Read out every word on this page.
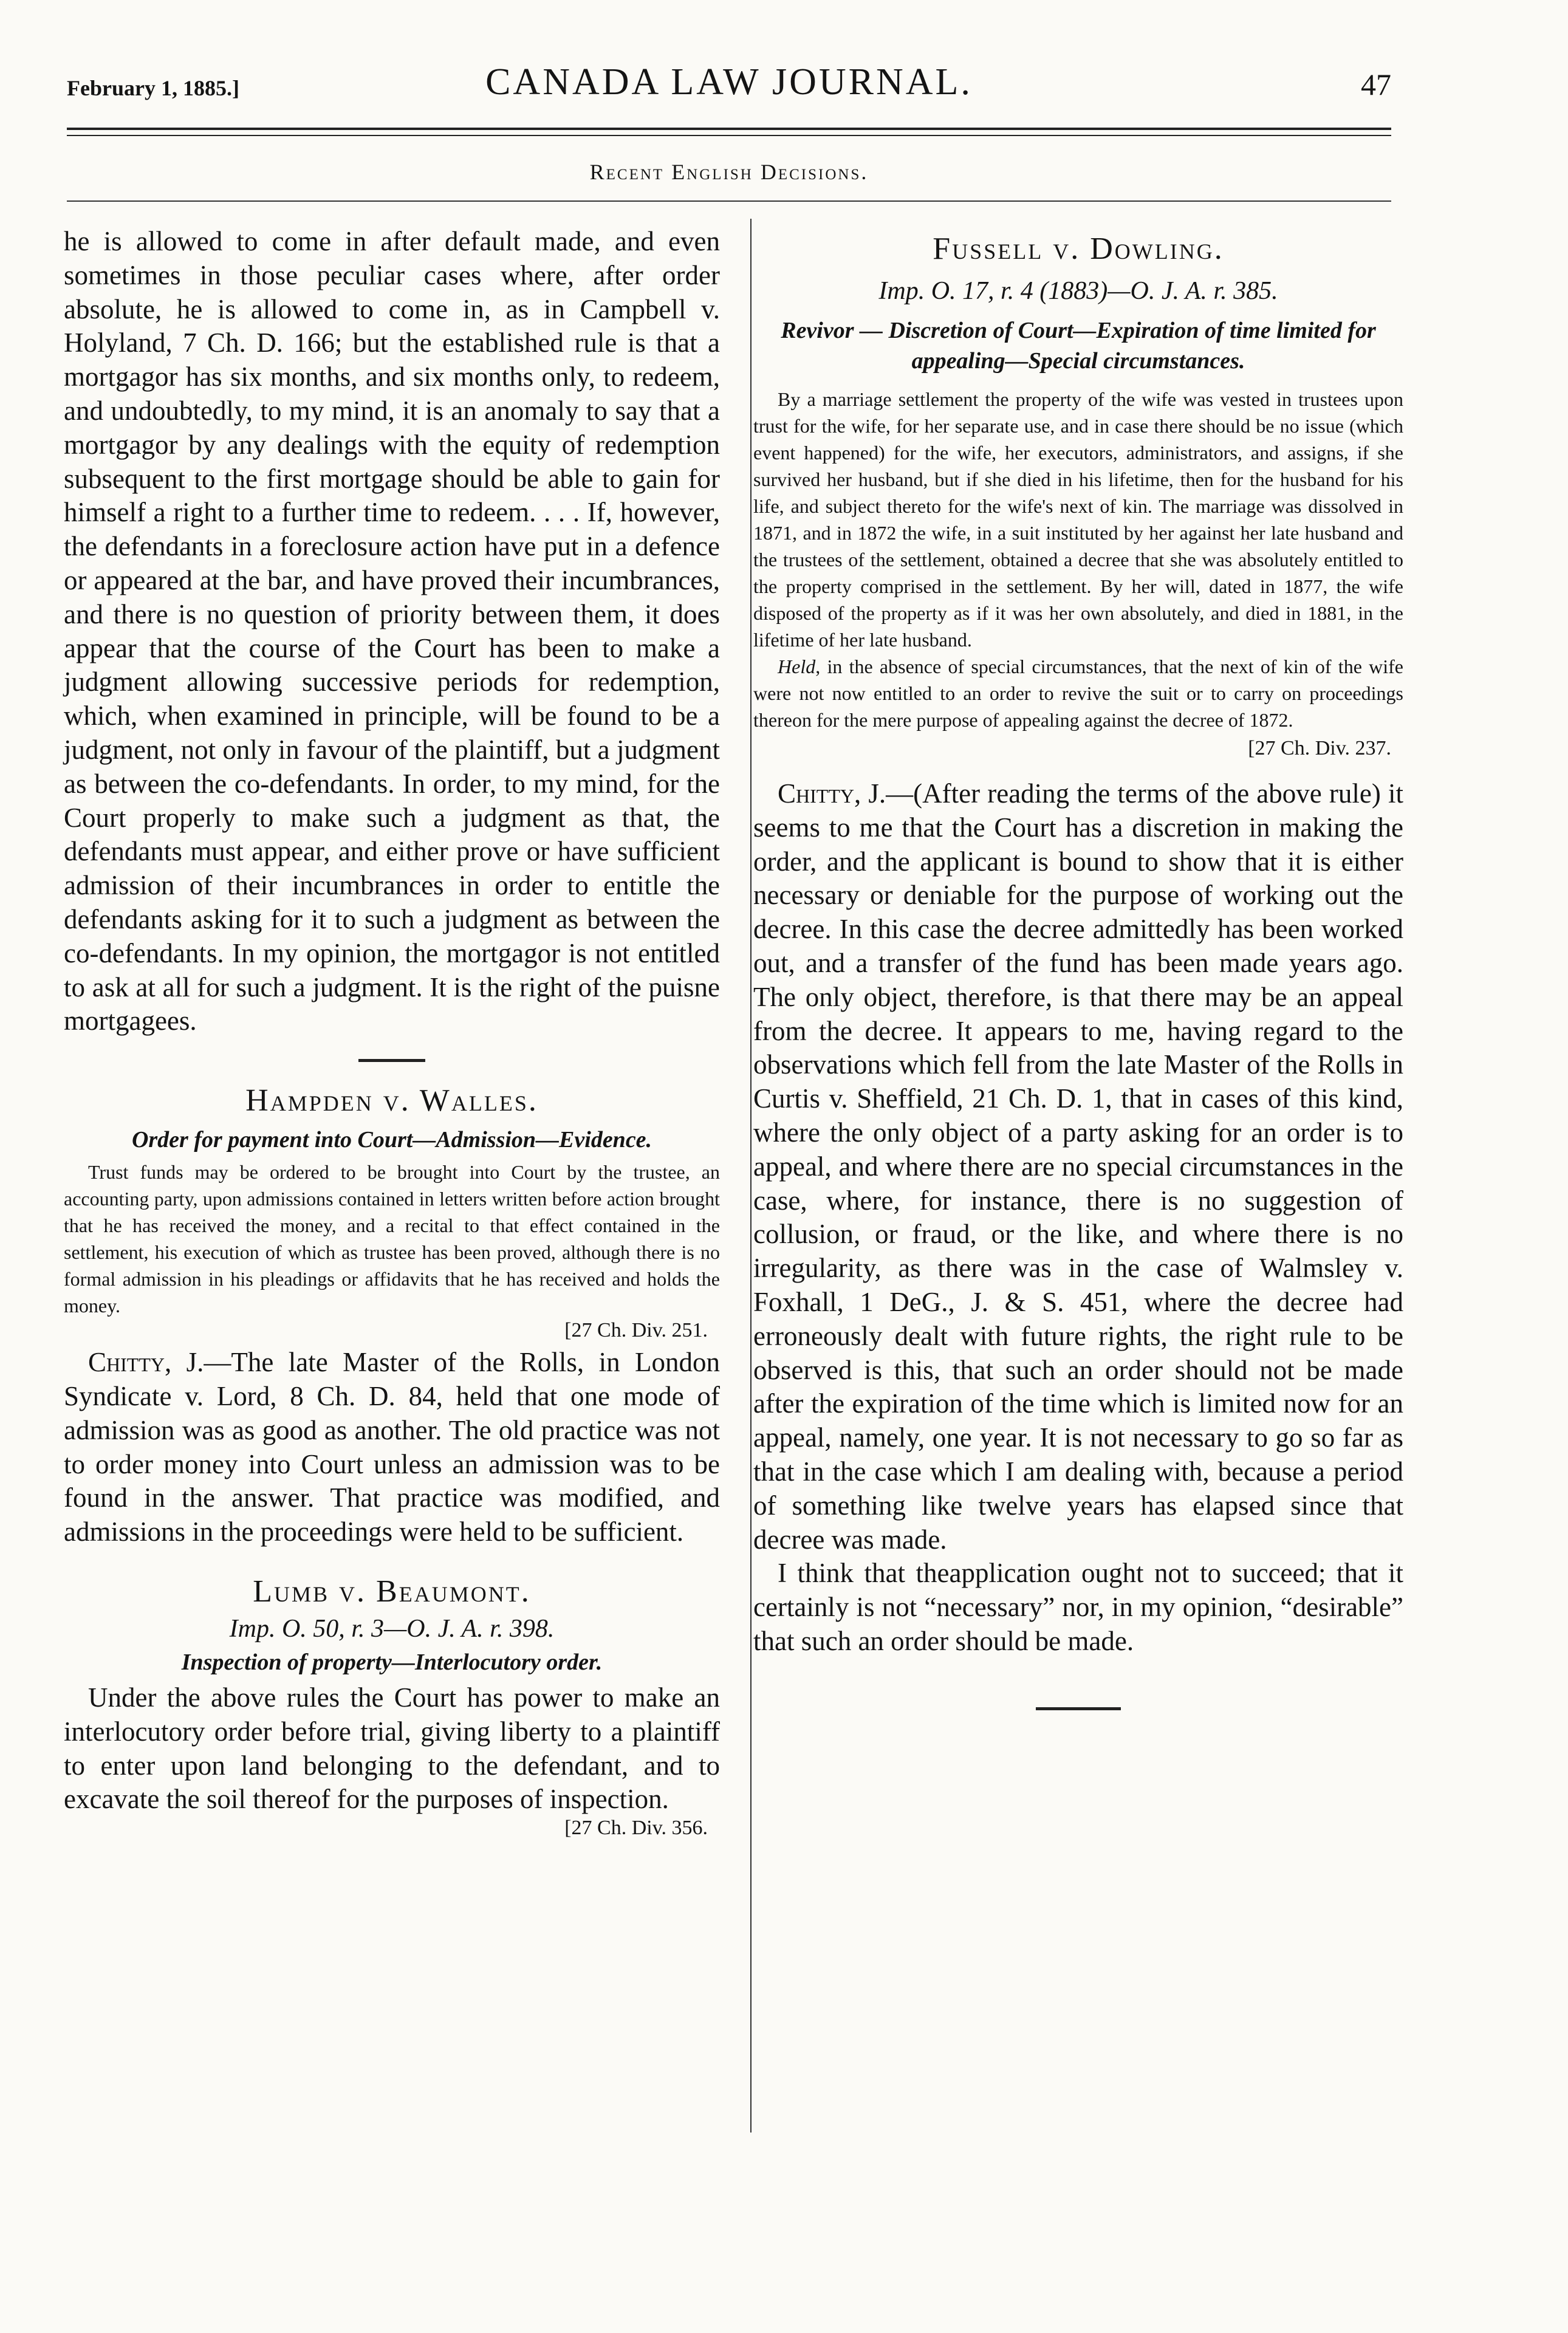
February 1, 1885.]	CANADA LAW JOURNAL.	47
Recent English Decisions.

he is allowed to come in after default made, and even sometimes in those peculiar cases where, after order absolute, he is allowed to come in, as in Campbell v. Holyland, 7 Ch. D. 166; but the established rule is that a mortgagor has six months, and six months only, to redeem, and undoubtedly, to my mind, it is an anomaly to say that a mortgagor by any dealings with the equity of redemption subsequent to the first mortgage should be able to gain for himself a right to a further time to redeem. . . . If, however, the defendants in a foreclosure action have put in a defence or appeared at the bar, and have proved their incumbrances, and there is no question of priority between them, it does appear that the course of the Court has been to make a judgment allowing successive periods for redemption, which, when examined in principle, will be found to be a judgment, not only in favour of the plaintiff, but a judgment as between the co-defendants. In order, to my mind, for the Court properly to make such a judgment as that, the defendants must appear, and either prove or have sufficient admission of their incumbrances in order to entitle the defendants asking for it to such a judgment as between the co-defendants. In my opinion, the mortgagor is not entitled to ask at all for such a judgment. It is the right of the puisne mortgagees.

Hampden v. Walles.

Order for payment into Court—Admission—Evidence.

Trust funds may be ordered to be brought into Court by the trustee, an accounting party, upon admissions contained in letters written before action brought that he has received the money, and a recital to that effect contained in the settlement, his execution of which as trustee has been proved, although there is no formal admission in his pleadings or affidavits that he has received and holds the money.

[27 Ch. Div. 251.

Chitty, J.—The late Master of the Rolls, in London Syndicate v. Lord, 8 Ch. D. 84, held that one mode of admission was as good as another. The old practice was not to order money into Court unless an admission was to be found in the answer. That practice was modified, and admissions in the proceedings were held to be sufficient.

Lumb v. Beaumont.

Imp. O. 50, r. 3—O. J. A. r. 398.

Inspection of property—Interlocutory order.

Under the above rules the Court has power to make an interlocutory order before trial, giving liberty to a plaintiff to enter upon land belonging to the defendant, and to excavate the soil thereof for the purposes of inspection.

[27 Ch. Div. 356.

Fussell v. Dowling.

Imp. O. 17, r. 4 (1883)—O. J. A. r. 385.

Revivor — Discretion of Court—Expiration of time limited for appealing—Special circumstances.

By a marriage settlement the property of the wife was vested in trustees upon trust for the wife, for her separate use, and in case there should be no issue (which event happened) for the wife, her executors, administrators, and assigns, if she survived her husband, but if she died in his lifetime, then for the husband for his life, and subject thereto for the wife's next of kin. The marriage was dissolved in 1871, and in 1872 the wife, in a suit instituted by her against her late husband and the trustees of the settlement, obtained a decree that she was absolutely entitled to the property comprised in the settlement. By her will, dated in 1877, the wife disposed of the property as if it was her own absolutely, and died in 1881, in the lifetime of her late husband.

Held, in the absence of special circumstances, that the next of kin of the wife were not now entitled to an order to revive the suit or to carry on proceedings thereon for the mere purpose of appealing against the decree of 1872.

[27 Ch. Div. 237.

Chitty, J.—(After reading the terms of the above rule) it seems to me that the Court has a discretion in making the order, and the applicant is bound to show that it is either necessary or deniable for the purpose of working out the decree. In this case the decree admittedly has been worked out, and a transfer of the fund has been made years ago. The only object, therefore, is that there may be an appeal from the decree. It appears to me, having regard to the observations which fell from the late Master of the Rolls in Curtis v. Sheffield, 21 Ch. D. 1, that in cases of this kind, where the only object of a party asking for an order is to appeal, and where there are no special circumstances in the case, where, for instance, there is no suggestion of collusion, or fraud, or the like, and where there is no irregularity, as there was in the case of Walmsley v. Foxhall, 1 DeG., J. & S. 451, where the decree had erroneously dealt with future rights, the right rule to be observed is this, that such an order should not be made after the expiration of the time which is limited now for an appeal, namely, one year. It is not necessary to go so far as that in the case which I am dealing with, because a period of something like twelve years has elapsed since that decree was made.

I think that theapplication ought not to succeed; that it certainly is not “necessary” nor, in my opinion, “desirable” that such an order should be made.
